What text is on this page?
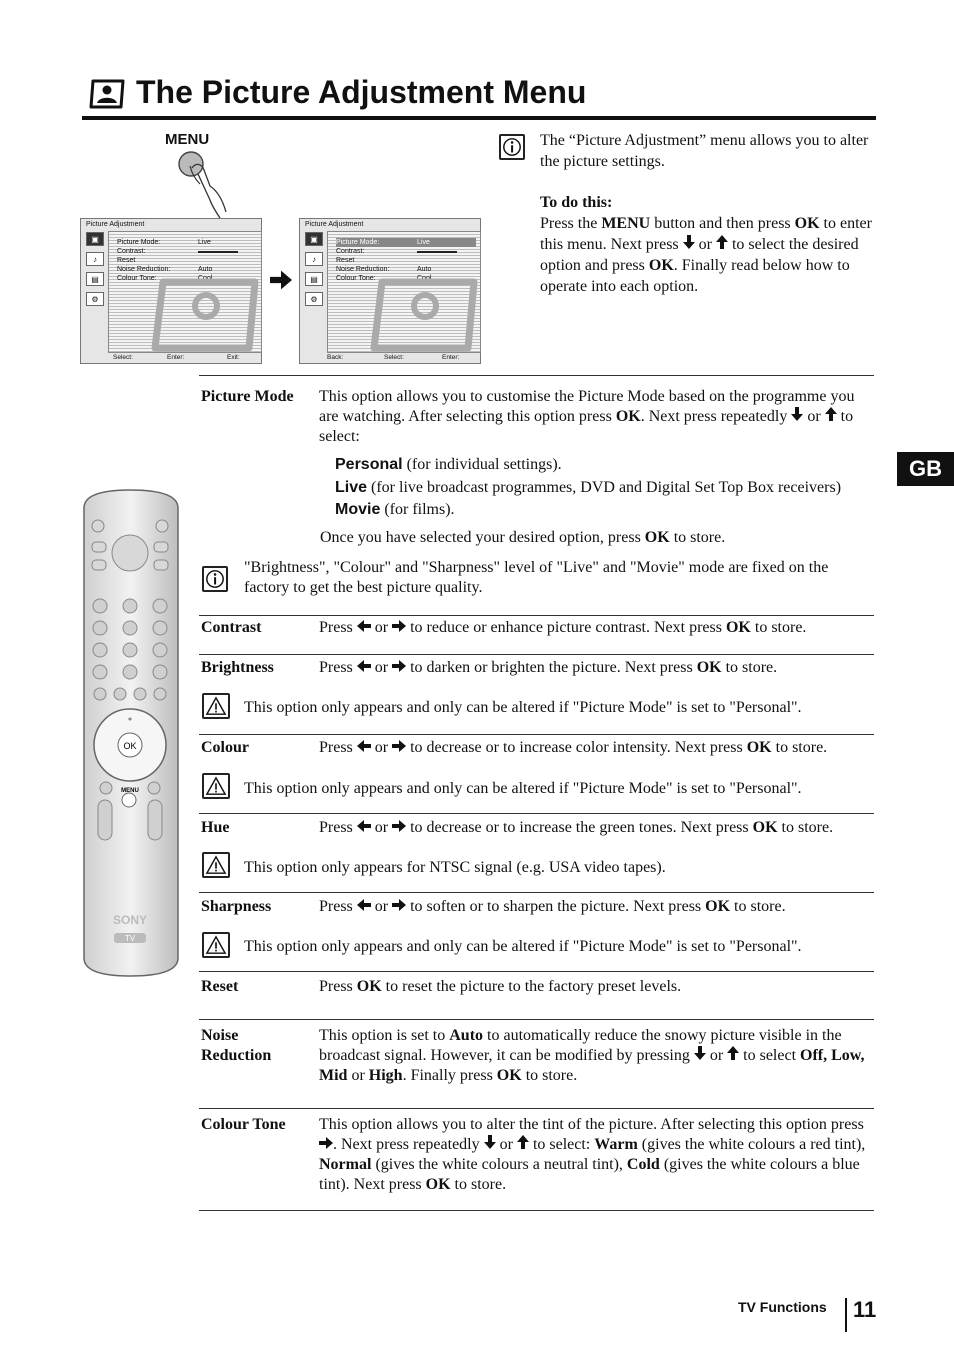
The Picture Adjustment Menu
MENU
Picture Adjustment
▣
♪
▤
⚙
Picture Mode:	Live
Contrast:
Reset
Noise Reduction:	Auto
Colour Tone:	Cool
Select:	Enter:	Exit:
Picture Adjustment
▣
♪
▤
⚙
Picture Mode:	Live
Contrast:
Reset
Noise Reduction:	Auto
Colour Tone:	Cool
Back:	Select:	Enter:

The “Picture Adjustment” menu allows you to alter the picture settings.

To do this:

Press the MENU button and then press OK to enter this menu. Next press  or  to select the desired option and press OK. Finally read below how to operate into each option.

GB
OK
⁺
MENU
SONY
TV
Picture Mode This option allows you to customise the Picture Mode based on the programme you are watching. After selecting this option press OK. Next press repeatedly  or  to select:
Personal (for individual settings).
Live (for live broadcast programmes, DVD and Digital Set Top Box receivers)
Movie (for films).
Once you have selected your desired option, press OK to store.
"Brightness", "Colour" and "Sharpness" level of "Live" and "Movie" mode are fixed on the factory to get the best picture quality.
Contrast	Press  or  to reduce or enhance picture contrast. Next press OK to store.
Brightness	Press  or  to darken or brighten the picture. Next press OK to store.
This option only appears and only can be altered if "Picture Mode" is set to "Personal".
Colour	Press  or  to decrease or to increase color intensity. Next press OK to store.
This option only appears and only can be altered if "Picture Mode" is set to "Personal".
Hue	Press  or  to decrease or to increase the green tones. Next press OK to store.
This option only appears for NTSC signal (e.g. USA video tapes).
Sharpness	Press  or  to soften or to sharpen the picture. Next press OK to store.
This option only appears and only can be altered if "Picture Mode" is set to "Personal".
Reset	Press OK to reset the picture to the factory preset levels.
Noise
Reduction
This option is set to Auto to automatically reduce the snowy picture visible in the broadcast signal. However, it can be modified by pressing  or  to select Off, Low, Mid or High. Finally press OK to store.
Colour Tone This option allows you to alter the tint of the picture. After selecting this option press . Next press repeatedly  or  to select: Warm (gives the white colours a red tint), Normal (gives the white colours a neutral tint), Cold (gives the white colours a blue tint). Next press OK to store.
TV Functions 11
